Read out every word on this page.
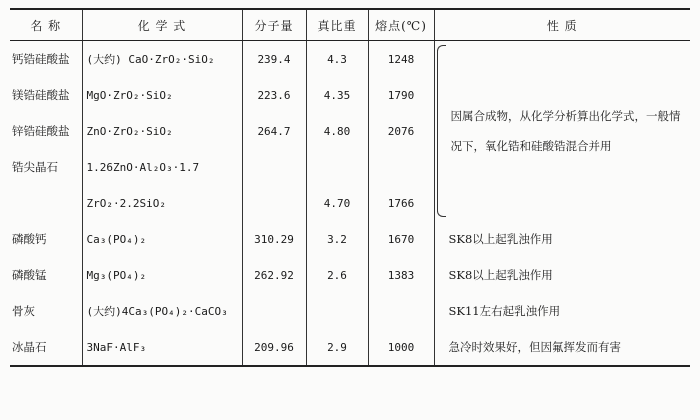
名 称	化 学 式	分子量	真比重	熔点(℃)	性 质
钙锆硅酸盐	(大约) CaO·ZrO₂·SiO₂	239.4	4.3	1248	因属合成物，从化学分析算出化学式，一般情况下，氧化锆和硅酸锆混合并用
镁锆硅酸盐	MgO·ZrO₂·SiO₂	223.6	4.35	1790	
锌锆硅酸盐	ZnO·ZrO₂·SiO₂	264.7	4.80	2076	
锆尖晶石	1.26ZnO·Al₂O₃·1.7				
	ZrO₂·2.2SiO₂		4.70	1766	
磷酸钙	Ca₃(PO₄)₂	310.29	3.2	1670	SK8以上起乳浊作用
磷酸锰	Mg₃(PO₄)₂	262.92	2.6	1383	SK8以上起乳浊作用
骨灰	(大约)4Ca₃(PO₄)₂·CaCO₃				SK11左右起乳浊作用
冰晶石	3NaF·AlF₃	209.96	2.9	1000	急冷时效果好，但因氟挥发而有害
